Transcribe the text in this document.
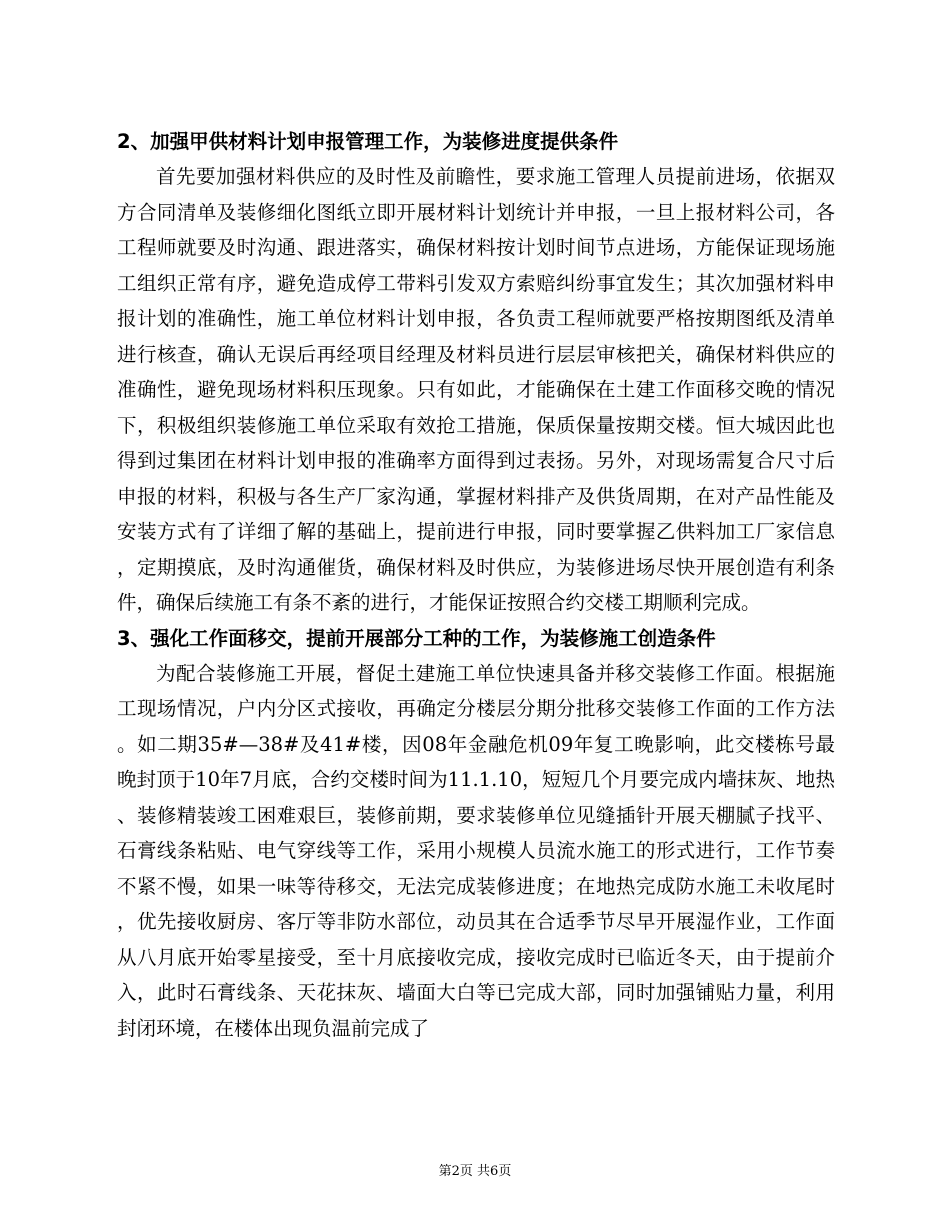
2、加强甲供材料计划申报管理工作，为装修进度提供条件

首先要加强材料供应的及时性及前瞻性，要求施工管理人员提前进场，依据双方合同清单及装修细化图纸立即开展材料计划统计并申报，一旦上报材料公司，各工程师就要及时沟通、跟进落实，确保材料按计划时间节点进场，方能保证现场施工组织正常有序，避免造成停工带料引发双方索赔纠纷事宜发生；其次加强材料申报计划的准确性，施工单位材料计划申报，各负责工程师就要严格按期图纸及清单进行核查，确认无误后再经项目经理及材料员进行层层审核把关，确保材料供应的准确性，避免现场材料积压现象。只有如此，才能确保在土建工作面移交晚的情况下，积极组织装修施工单位采取有效抢工措施，保质保量按期交楼。恒大城因此也得到过集团在材料计划申报的准确率方面得到过表扬。另外，对现场需复合尺寸后申报的材料，积极与各生产厂家沟通，掌握材料排产及供货周期，在对产品性能及安装方式有了详细了解的基础上，提前进行申报，同时要掌握乙供料加工厂家信息，定期摸底，及时沟通催货，确保材料及时供应，为装修进场尽快开展创造有利条件，确保后续施工有条不紊的进行，才能保证按照合约交楼工期顺利完成。

3、强化工作面移交，提前开展部分工种的工作，为装修施工创造条件

为配合装修施工开展，督促土建施工单位快速具备并移交装修工作面。根据施工现场情况，户内分区式接收，再确定分楼层分期分批移交装修工作面的工作方法。如二期35#—38#及41#楼，因08年金融危机09年复工晚影响，此交楼栋号最晚封顶于10年7月底，合约交楼时间为11.1.10，短短几个月要完成内墙抹灰、地热、装修精装竣工困难艰巨，装修前期，要求装修单位见缝插针开展天棚腻子找平、石膏线条粘贴、电气穿线等工作，采用小规模人员流水施工的形式进行，工作节奏不紧不慢，如果一味等待移交，无法完成装修进度；在地热完成防水施工未收尾时，优先接收厨房、客厅等非防水部位，动员其在合适季节尽早开展湿作业，工作面从八月底开始零星接受，至十月底接收完成，接收完成时已临近冬天，由于提前介入，此时石膏线条、天花抹灰、墙面大白等已完成大部，同时加强铺贴力量，利用封闭环境，在楼体出现负温前完成了

第2页 共6页
